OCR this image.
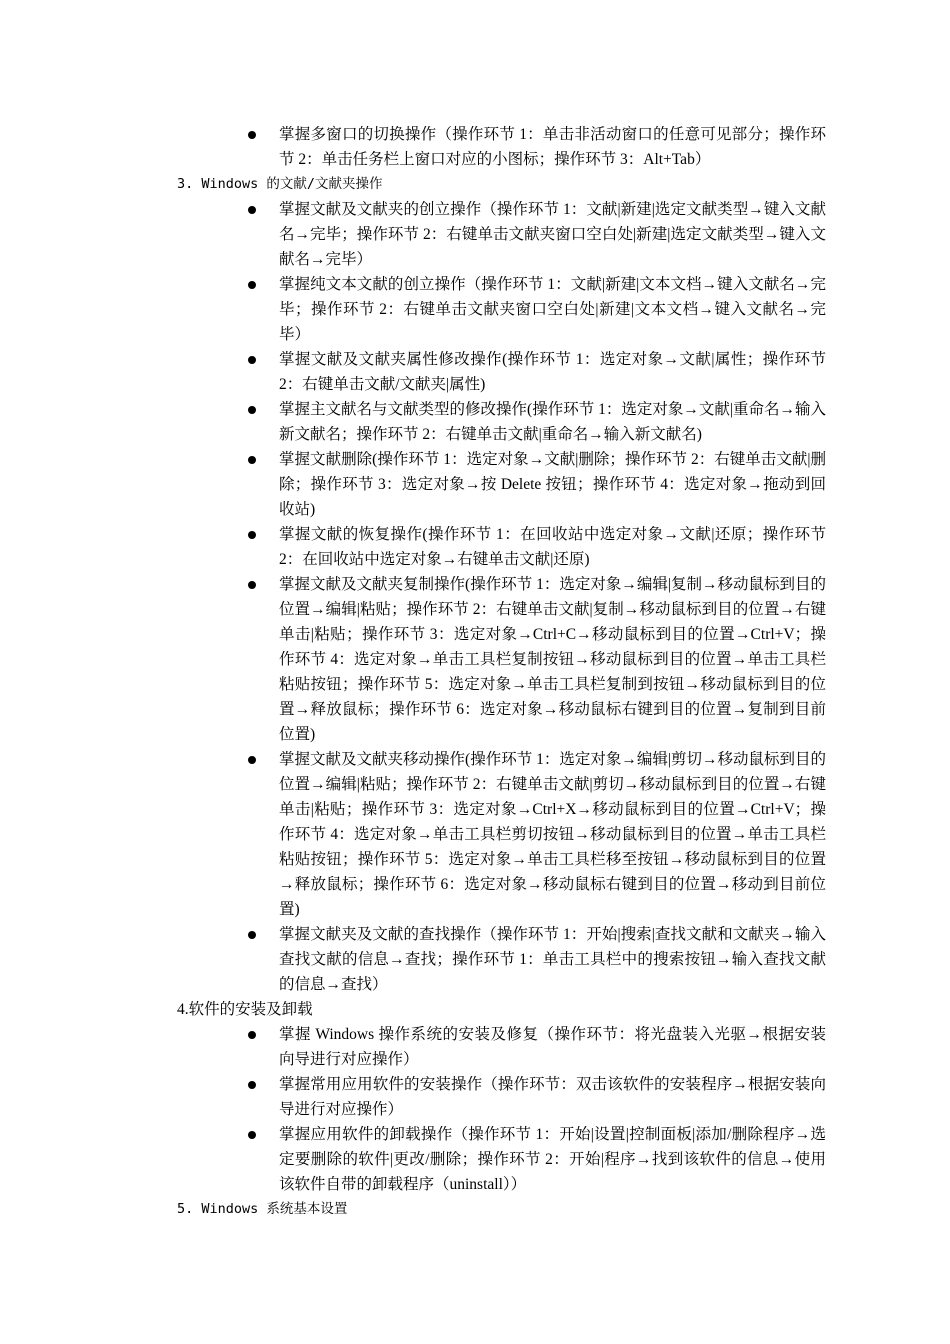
掌握多窗口的切换操作（操作环节 1：单击非活动窗口的任意可见部分；操作环节 2：单击任务栏上窗口对应的小图标；操作环节 3：Alt+Tab）
3. Windows 的文献/文献夹操作
掌握文献及文献夹的创立操作（操作环节 1：文献|新建|选定文献类型→键入文献名→完毕；操作环节 2：右键单击文献夹窗口空白处|新建|选定文献类型→键入文献名→完毕）
掌握纯文本文献的创立操作（操作环节 1：文献|新建|文本文档→键入文献名→完毕；操作环节 2：右键单击文献夹窗口空白处|新建|文本文档→键入文献名→完毕）
掌握文献及文献夹属性修改操作(操作环节 1：选定对象→文献|属性；操作环节 2：右键单击文献/文献夹|属性)
掌握主文献名与文献类型的修改操作(操作环节 1：选定对象→文献|重命名→输入新文献名；操作环节 2：右键单击文献|重命名→输入新文献名)
掌握文献删除(操作环节 1：选定对象→文献|删除；操作环节 2：右键单击文献|删除；操作环节 3：选定对象→按 Delete 按钮；操作环节 4：选定对象→拖动到回收站)
掌握文献的恢复操作(操作环节 1：在回收站中选定对象→文献|还原；操作环节 2：在回收站中选定对象→右键单击文献|还原)
掌握文献及文献夹复制操作(操作环节 1：选定对象→编辑|复制→移动鼠标到目的位置→编辑|粘贴；操作环节 2：右键单击文献|复制→移动鼠标到目的位置→右键单击|粘贴；操作环节 3：选定对象→Ctrl+C→移动鼠标到目的位置→Ctrl+V；操作环节 4：选定对象→单击工具栏复制按钮→移动鼠标到目的位置→单击工具栏粘贴按钮；操作环节 5：选定对象→单击工具栏复制到按钮→移动鼠标到目的位置→释放鼠标；操作环节 6：选定对象→移动鼠标右键到目的位置→复制到目前位置)
掌握文献及文献夹移动操作(操作环节 1：选定对象→编辑|剪切→移动鼠标到目的位置→编辑|粘贴；操作环节 2：右键单击文献|剪切→移动鼠标到目的位置→右键单击|粘贴；操作环节 3：选定对象→Ctrl+X→移动鼠标到目的位置→Ctrl+V；操作环节 4：选定对象→单击工具栏剪切按钮→移动鼠标到目的位置→单击工具栏粘贴按钮；操作环节 5：选定对象→单击工具栏移至按钮→移动鼠标到目的位置→释放鼠标；操作环节 6：选定对象→移动鼠标右键到目的位置→移动到目前位置)
掌握文献夹及文献的查找操作（操作环节 1：开始|搜索|查找文献和文献夹→输入查找文献的信息→查找；操作环节 1：单击工具栏中的搜索按钮→输入查找文献的信息→查找）
4.软件的安装及卸载
掌握 Windows 操作系统的安装及修复（操作环节：将光盘装入光驱→根据安装向导进行对应操作）
掌握常用应用软件的安装操作（操作环节：双击该软件的安装程序→根据安装向导进行对应操作）
掌握应用软件的卸载操作（操作环节 1：开始|设置|控制面板|添加/删除程序→选定要删除的软件|更改/删除；操作环节 2：开始|程序→找到该软件的信息→使用该软件自带的卸载程序（uninstall））
5. Windows 系统基本设置
